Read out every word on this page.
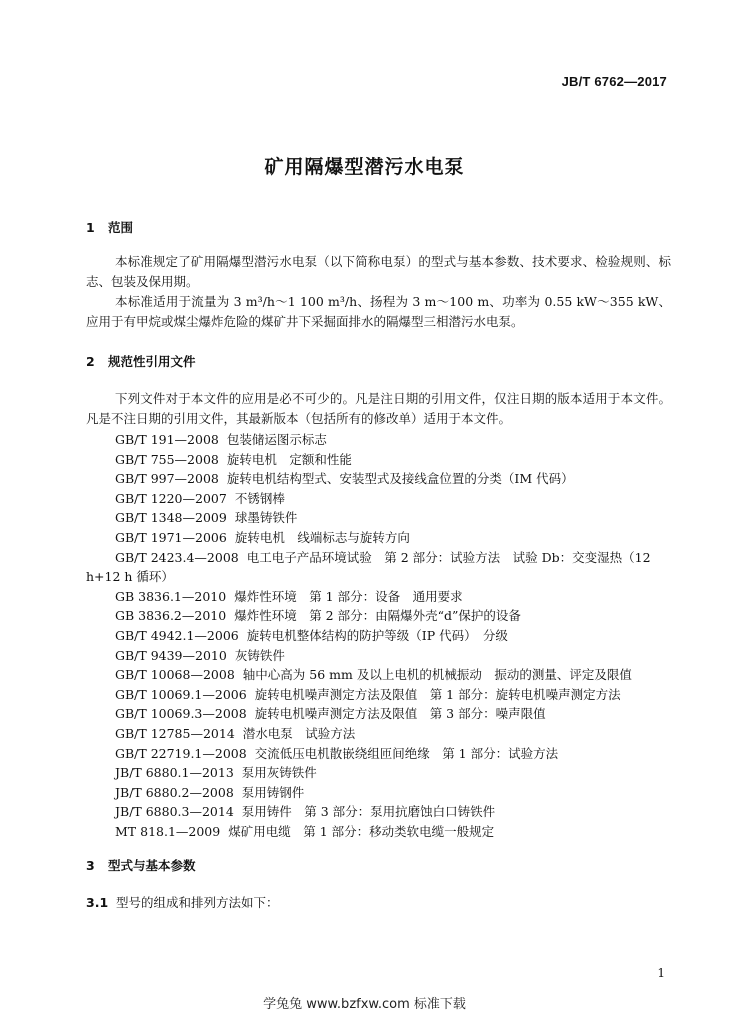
JB/T 6762—2017
矿用隔爆型潜污水电泵
1 范围
本标准规定了矿用隔爆型潜污水电泵（以下简称电泵）的型式与基本参数、技术要求、检验规则、标志、包装及保用期。
本标准适用于流量为 3 m³/h～1 100 m³/h、扬程为 3 m～100 m、功率为 0.55 kW～355 kW、应用于有甲烷或煤尘爆炸危险的煤矿井下采掘面排水的隔爆型三相潜污水电泵。
2 规范性引用文件
下列文件对于本文件的应用是必不可少的。凡是注日期的引用文件，仅注日期的版本适用于本文件。凡是不注日期的引用文件，其最新版本（包括所有的修改单）适用于本文件。
GB/T 191—2008 包装储运图示标志
GB/T 755—2008 旋转电机　定额和性能
GB/T 997—2008 旋转电机结构型式、安装型式及接线盒位置的分类（IM 代码）
GB/T 1220—2007 不锈钢棒
GB/T 1348—2009 球墨铸铁件
GB/T 1971—2006 旋转电机　线端标志与旋转方向
GB/T 2423.4—2008 电工电子产品环境试验　第 2 部分：试验方法　试验 Db：交变湿热（12 h+12 h 循环）
GB 3836.1—2010 爆炸性环境　第 1 部分：设备　通用要求
GB 3836.2—2010 爆炸性环境　第 2 部分：由隔爆外壳“d”保护的设备
GB/T 4942.1—2006 旋转电机整体结构的防护等级（IP 代码）　分级
GB/T 9439—2010 灰铸铁件
GB/T 10068—2008 轴中心高为 56 mm 及以上电机的机械振动　振动的测量、评定及限值
GB/T 10069.1—2006 旋转电机噪声测定方法及限值　第 1 部分：旋转电机噪声测定方法
GB/T 10069.3—2008 旋转电机噪声测定方法及限值　第 3 部分：噪声限值
GB/T 12785—2014 潜水电泵　试验方法
GB/T 22719.1—2008 交流低压电机散嵌绕组匝间绝缘　第 1 部分：试验方法
JB/T 6880.1—2013 泵用灰铸铁件
JB/T 6880.2—2008 泵用铸钢件
JB/T 6880.3—2014 泵用铸件　第 3 部分：泵用抗磨蚀白口铸铁件
MT 818.1—2009 煤矿用电缆　第 1 部分：移动类软电缆一般规定
3 型式与基本参数
3.1 型号的组成和排列方法如下：
1
学兔兔 www.bzfxw.com 标准下载
